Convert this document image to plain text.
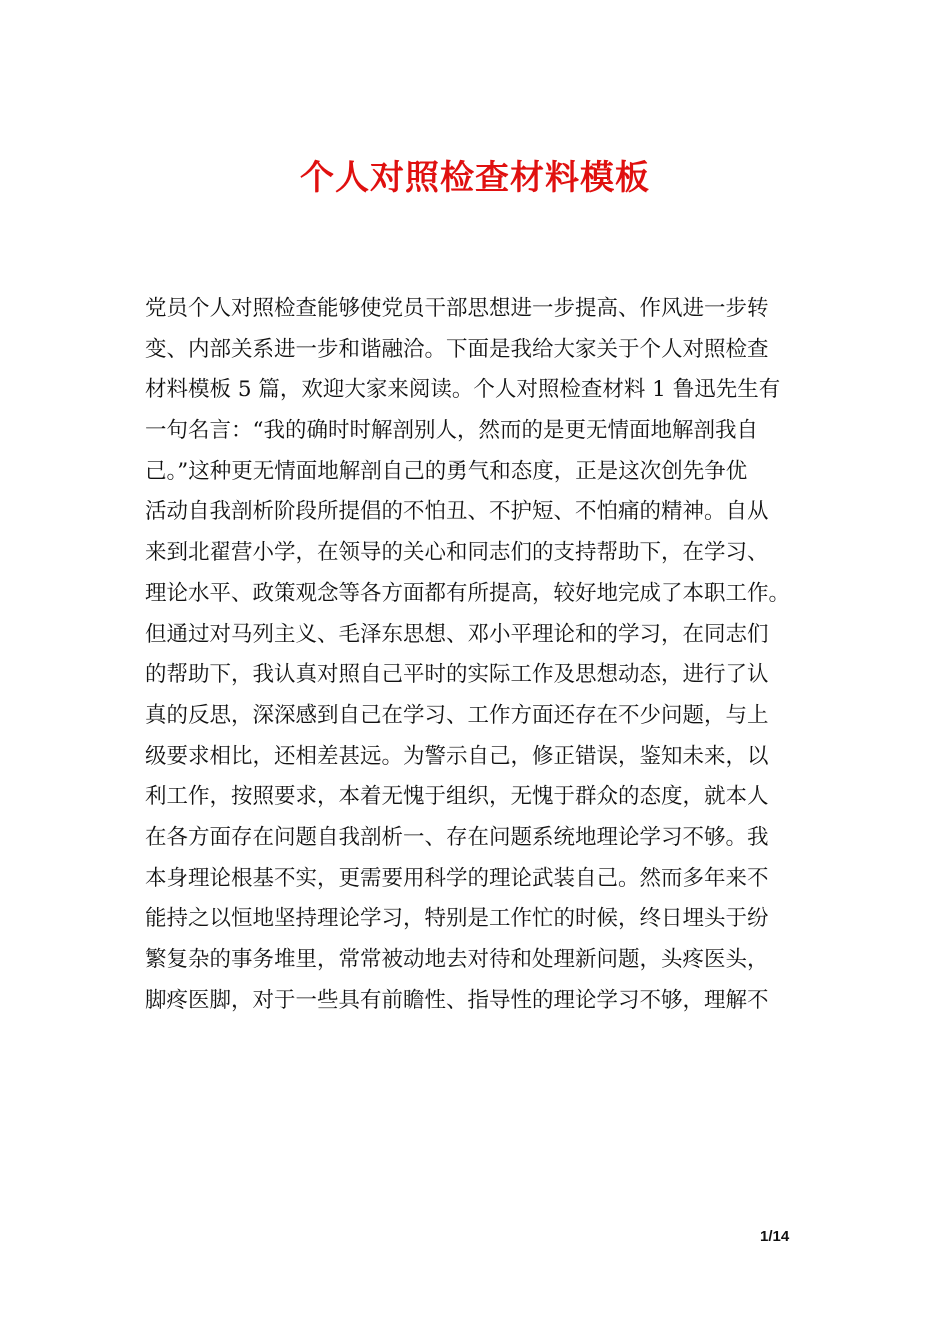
个人对照检查材料模板
党员个人对照检查能够使党员干部思想进一步提高、作风进一步转
变、内部关系进一步和谐融洽。下面是我给大家关于个人对照检查
材料模板 5 篇，欢迎大家来阅读。个人对照检查材料 1 鲁迅先生有
一句名言：“我的确时时解剖别人，然而的是更无情面地解剖我自
己。”这种更无情面地解剖自己的勇气和态度，正是这次创先争优
活动自我剖析阶段所提倡的不怕丑、不护短、不怕痛的精神。自从
来到北翟营小学，在领导的关心和同志们的支持帮助下，在学习、
理论水平、政策观念等各方面都有所提高，较好地完成了本职工作。
但通过对马列主义、毛泽东思想、邓小平理论和的学习，在同志们
的帮助下，我认真对照自己平时的实际工作及思想动态，进行了认
真的反思，深深感到自己在学习、工作方面还存在不少问题，与上
级要求相比，还相差甚远。为警示自己，修正错误，鉴知未来，以
利工作，按照要求，本着无愧于组织，无愧于群众的态度，就本人
在各方面存在问题自我剖析一、存在问题系统地理论学习不够。我
本身理论根基不实，更需要用科学的理论武装自己。然而多年来不
能持之以恒地坚持理论学习，特别是工作忙的时候，终日埋头于纷
繁复杂的事务堆里，常常被动地去对待和处理新问题，头疼医头，
脚疼医脚，对于一些具有前瞻性、指导性的理论学习不够，理解不
1/14
